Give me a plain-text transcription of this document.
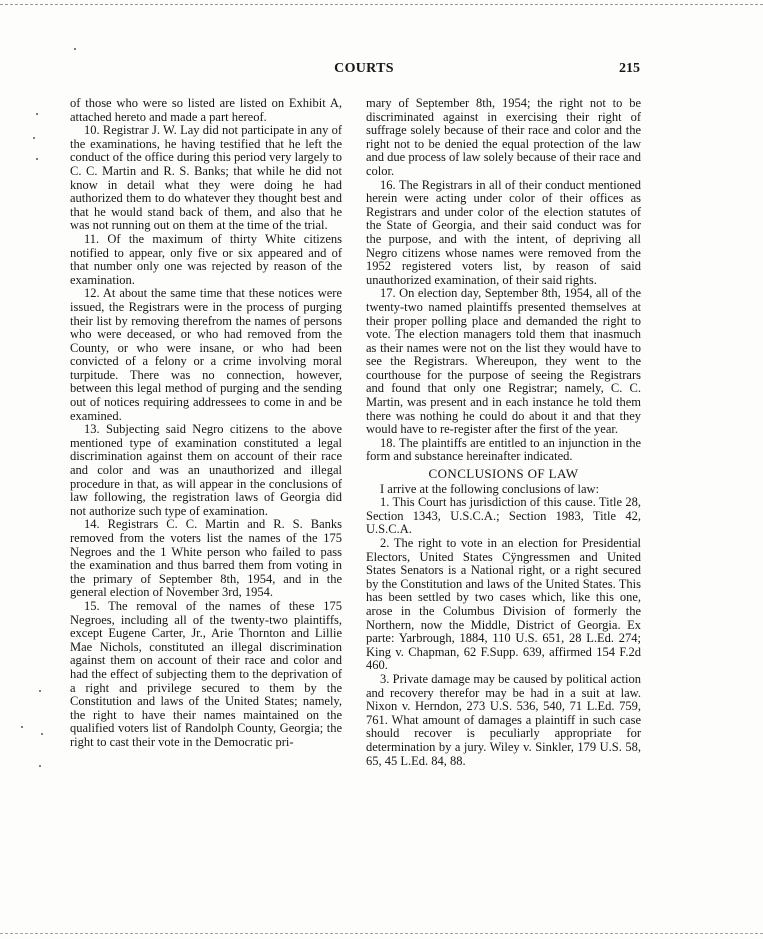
COURTS	215

of those who were so listed are listed on Exhibit A, attached hereto and made a part hereof.

10. Registrar J. W. Lay did not participate in any of the examinations, he having testified that he left the conduct of the office during this period very largely to C. C. Martin and R. S. Banks; that while he did not know in detail what they were doing he had authorized them to do whatever they thought best and that he would stand back of them, and also that he was not running out on them at the time of the trial.

11. Of the maximum of thirty White citizens notified to appear, only five or six appeared and of that number only one was rejected by reason of the examination.

12. At about the same time that these notices were issued, the Registrars were in the process of purging their list by removing therefrom the names of persons who were deceased, or who had removed from the County, or who were insane, or who had been convicted of a felony or a crime involving moral turpitude. There was no connection, however, between this legal method of purging and the sending out of notices requiring addressees to come in and be examined.

13. Subjecting said Negro citizens to the above mentioned type of examination constituted a legal discrimination against them on account of their race and color and was an unauthorized and illegal procedure in that, as will appear in the conclusions of law following, the registration laws of Georgia did not authorize such type of examination.

14. Registrars C. C. Martin and R. S. Banks removed from the voters list the names of the 175 Negroes and the 1 White person who failed to pass the examination and thus barred them from voting in the primary of September 8th, 1954, and in the general election of November 3rd, 1954.

15. The removal of the names of these 175 Negroes, including all of the twenty-two plaintiffs, except Eugene Carter, Jr., Arie Thornton and Lillie Mae Nichols, constituted an illegal discrimination against them on account of their race and color and had the effect of subjecting them to the deprivation of a right and privilege secured to them by the Constitution and laws of the United States; namely, the right to have their names maintained on the qualified voters list of Randolph County, Georgia; the right to cast their vote in the Democratic pri-

mary of September 8th, 1954; the right not to be discriminated against in exercising their right of suffrage solely because of their race and color and the right not to be denied the equal protection of the law and due process of law solely because of their race and color.

16. The Registrars in all of their conduct mentioned herein were acting under color of their offices as Registrars and under color of the election statutes of the State of Georgia, and their said conduct was for the purpose, and with the intent, of depriving all Negro citizens whose names were removed from the 1952 registered voters list, by reason of said unauthorized examination, of their said rights.

17. On election day, September 8th, 1954, all of the twenty-two named plaintiffs presented themselves at their proper polling place and demanded the right to vote. The election managers told them that inasmuch as their names were not on the list they would have to see the Registrars. Whereupon, they went to the courthouse for the purpose of seeing the Registrars and found that only one Registrar; namely, C. C. Martin, was present and in each instance he told them there was nothing he could do about it and that they would have to re-register after the first of the year.

18. The plaintiffs are entitled to an injunction in the form and substance hereinafter indicated.

CONCLUSIONS OF LAW

I arrive at the following conclusions of law:

1. This Court has jurisdiction of this cause. Title 28, Section 1343, U.S.C.A.; Section 1983, Title 42, U.S.C.A.

2. The right to vote in an election for Presidential Electors, United States Cÿngressmen and United States Senators is a National right, or a right secured by the Constitution and laws of the United States. This has been settled by two cases which, like this one, arose in the Columbus Division of formerly the Northern, now the Middle, District of Georgia. Ex parte: Yarbrough, 1884, 110 U.S. 651, 28 L.Ed. 274; King v. Chapman, 62 F.Supp. 639, affirmed 154 F.2d 460.

3. Private damage may be caused by political action and recovery therefor may be had in a suit at law. Nixon v. Herndon, 273 U.S. 536, 540, 71 L.Ed. 759, 761. What amount of damages a plaintiff in such case should recover is peculiarly appropriate for determination by a jury. Wiley v. Sinkler, 179 U.S. 58, 65, 45 L.Ed. 84, 88.
